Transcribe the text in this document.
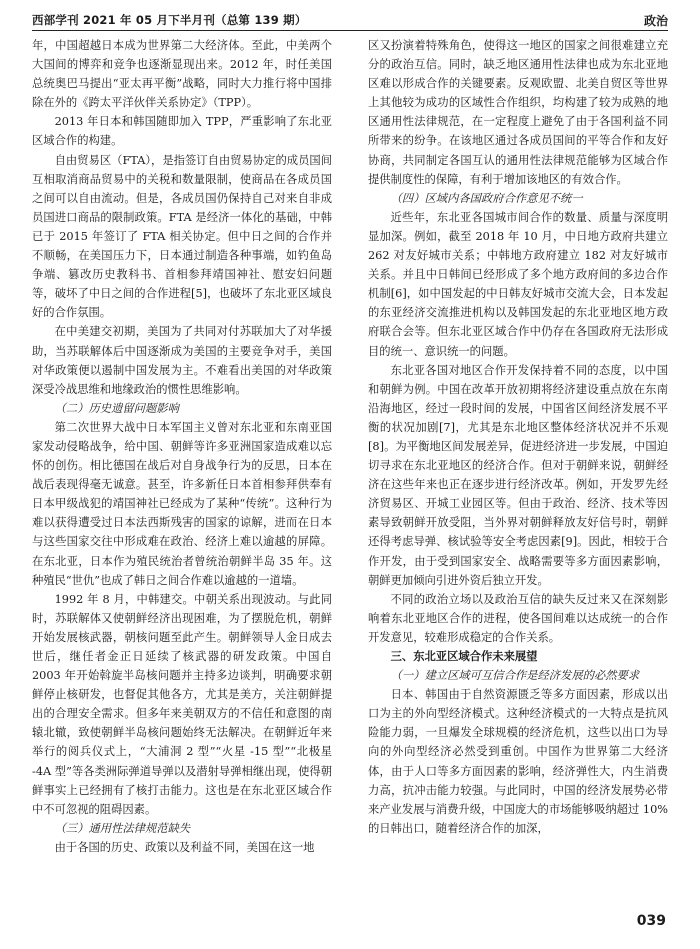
西部学刊 2021 年 05 月下半月刊（总第 139 期）	政治

年，中国超越日本成为世界第二大经济体。至此，中美两个大国间的博弈和竞争也逐渐显现出来。2012 年，时任美国总统奥巴马提出“亚太再平衡”战略，同时大力推行将中国排除在外的《跨太平洋伙伴关系协定》（TPP）。

2013 年日本和韩国随即加入 TPP，严重影响了东北亚区域合作的构建。

自由贸易区（FTA），是指签订自由贸易协定的成员国间互相取消商品贸易中的关税和数量限制，使商品在各成员国之间可以自由流动。但是，各成员国仍保持自己对来自非成员国进口商品的限制政策。FTA 是经济一体化的基础，中韩已于 2015 年签订了 FTA 相关协定。但中日之间的合作并不顺畅，在美国压力下，日本通过制造各种事端，如钓鱼岛争端、篡改历史教科书、首相参拜靖国神社、慰安妇问题等，破坏了中日之间的合作进程[5]，也破坏了东北亚区域良好的合作氛围。

在中美建交初期，美国为了共同对付苏联加大了对华援助，当苏联解体后中国逐渐成为美国的主要竞争对手，美国对华政策便以遏制中国发展为主。不难看出美国的对华政策深受冷战思维和地缘政治的惯性思维影响。

（二）历史遗留问题影响

第二次世界大战中日本军国主义曾对东北亚和东南亚国家发动侵略战争，给中国、朝鲜等许多亚洲国家造成难以忘怀的创伤。相比德国在战后对自身战争行为的反思，日本在战后表现得毫无诚意。甚至，许多新任日本首相参拜供奉有日本甲级战犯的靖国神社已经成为了某种“传统”。这种行为难以获得遭受过日本法西斯残害的国家的谅解，进而在日本与这些国家交往中形成难在政治、经济上难以逾越的屏障。在东北亚，日本作为殖民统治者曾统治朝鲜半岛 35 年。这种殖民“世仇”也成了韩日之间合作难以逾越的一道墙。

1992 年 8 月，中韩建交。中朝关系出现波动。与此同时，苏联解体又使朝鲜经济出现困难，为了摆脱危机，朝鲜开始发展核武器，朝核问题至此产生。朝鲜领导人金日成去世后，继任者金正日延续了核武器的研发政策。中国自 2003 年开始斡旋半岛核问题并主持多边谈判，明确要求朝鲜停止核研发，也督促其他各方，尤其是美方，关注朝鲜提出的合理安全需求。但多年来美朝双方的不信任和意图的南辕北辙，致使朝鲜半岛核问题始终无法解决。在朝鲜近年来举行的阅兵仪式上，“大浦洞 2 型”“火星 -15 型”“北极星 -4A 型”等各类洲际弹道导弹以及潜射导弹相继出现，使得朝鲜事实上已经拥有了核打击能力。这也是在东北亚区域合作中不可忽视的阻碍因素。

（三）通用性法律规范缺失

由于各国的历史、政策以及利益不同，美国在这一地

区又扮演着特殊角色，使得这一地区的国家之间很难建立充分的政治互信。同时，缺乏地区通用性法律也成为东北亚地区难以形成合作的关键要素。反观欧盟、北美自贸区等世界上其他较为成功的区域性合作组织，均构建了较为成熟的地区通用性法律规范，在一定程度上避免了由于各国利益不同所带来的纷争。在该地区通过各成员国间的平等合作和友好协商，共同制定各国互认的通用性法律规范能够为区域合作提供制度性的保障，有利于增加该地区的有效合作。

（四）区域内各国政府合作意见不统一

近些年，东北亚各国城市间合作的数量、质量与深度明显加深。例如，截至 2018 年 10 月，中日地方政府共建立 262 对友好城市关系；中韩地方政府建立 182 对友好城市关系。并且中日韩间已经形成了多个地方政府间的多边合作机制[6]，如中国发起的中日韩友好城市交流大会，日本发起的东亚经济交流推进机构以及韩国发起的东北亚地区地方政府联合会等。但东北亚区域合作中仍存在各国政府无法形成目的统一、意识统一的问题。

东北亚各国对地区合作开发保持着不同的态度，以中国和朝鲜为例。中国在改革开放初期将经济建设重点放在东南沿海地区，经过一段时间的发展，中国省区间经济发展不平衡的状况加剧[7]，尤其是东北地区整体经济状况并不乐观[8]。为平衡地区间发展差异，促进经济进一步发展，中国迫切寻求在东北亚地区的经济合作。但对于朝鲜来说，朝鲜经济在这些年来也正在逐步进行经济改革。例如，开发罗先经济贸易区、开城工业园区等。但由于政治、经济、技术等因素导致朝鲜开放受阻，当外界对朝鲜释放友好信号时，朝鲜还得考虑导弹、核试验等安全考虑因素[9]。因此，相较于合作开发，由于受到国家安全、战略需要等多方面因素影响，朝鲜更加倾向引进外资后独立开发。

不同的政治立场以及政治互信的缺失反过来又在深刻影响着东北亚地区合作的进程，使各国间难以达成统一的合作开发意见，较难形成稳定的合作关系。

三、东北亚区域合作未来展望

（一）建立区域可互信合作是经济发展的必然要求

日本、韩国由于自然资源匮乏等多方面因素，形成以出口为主的外向型经济模式。这种经济模式的一大特点是抗风险能力弱，一旦爆发全球规模的经济危机，这些以出口为导向的外向型经济必然受到重创。中国作为世界第二大经济体，由于人口等多方面因素的影响，经济弹性大，内生消费力高，抗冲击能力较强。与此同时，中国的经济发展势必带来产业发展与消费升级，中国庞大的市场能够吸纳超过 10% 的日韩出口，随着经济合作的加深，

039
